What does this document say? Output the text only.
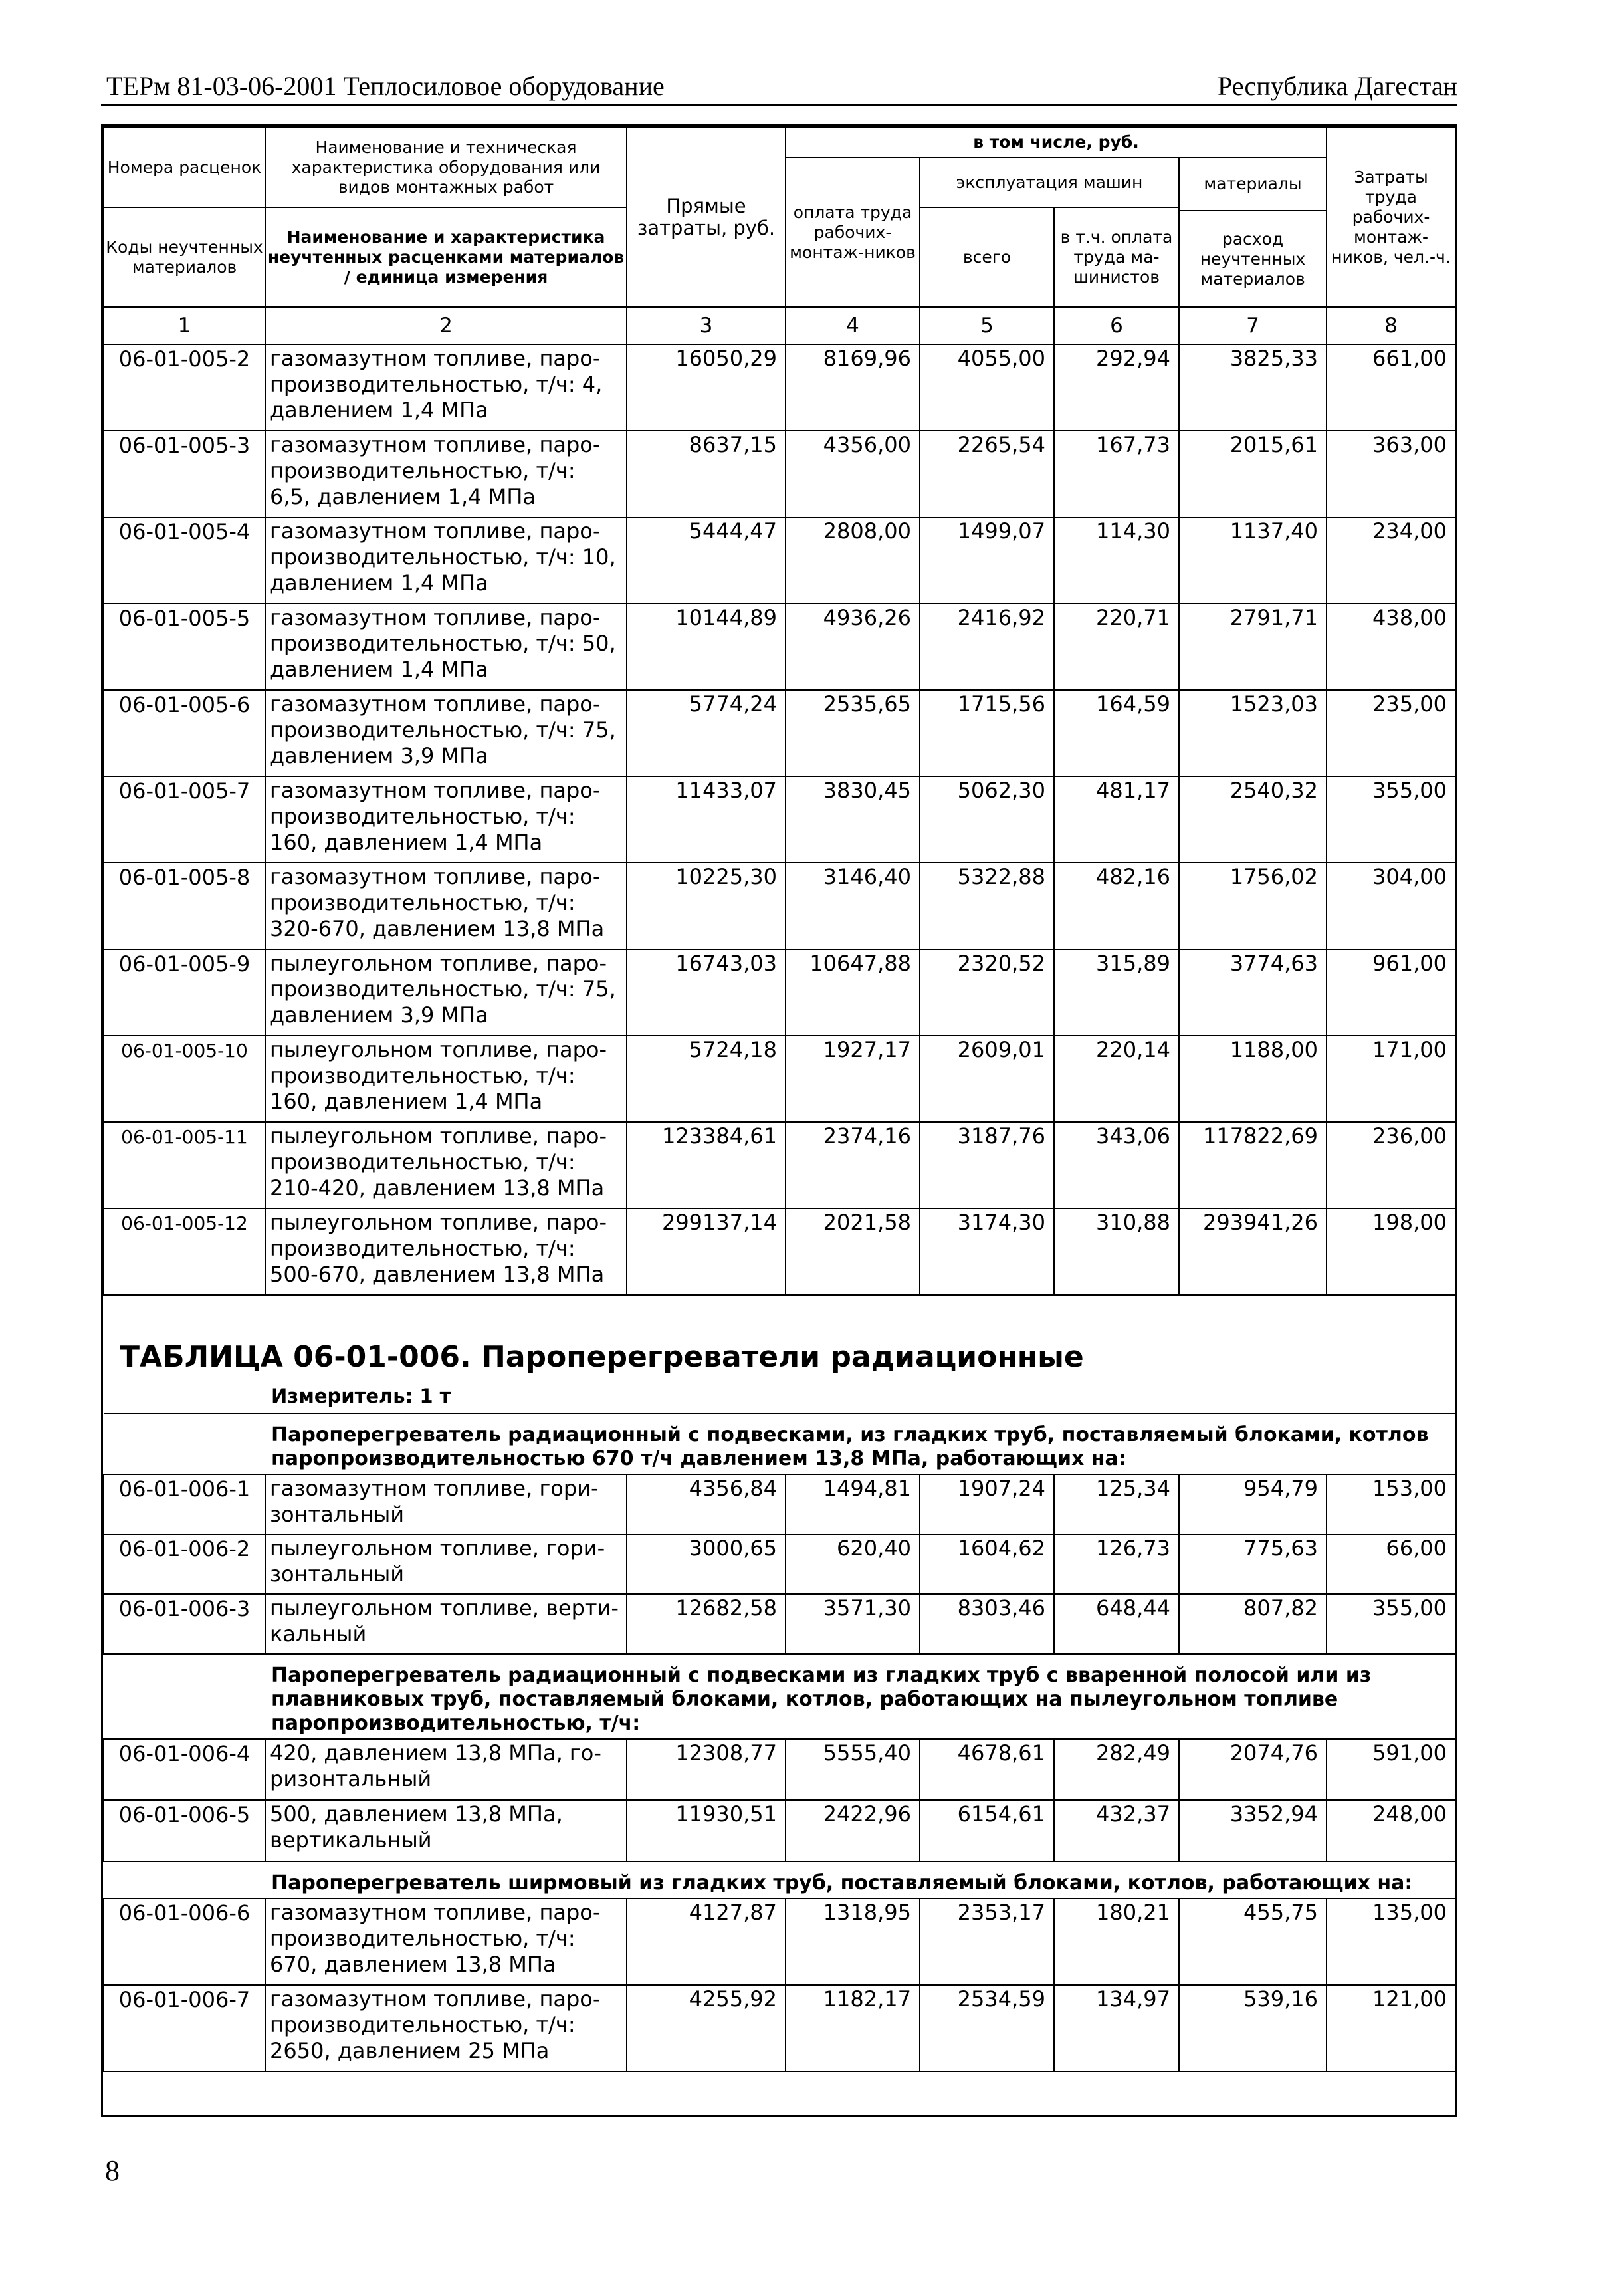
ТЕРм 81-03-06-2001 Теплосиловое оборудование	Республика Дагестан
Номера расценок	Наименование и техническая характеристика оборудования или видов монтажных работ	Прямые затраты, руб.	в том числе, руб.				Затраты труда рабочих-монтаж-ников, чел.-ч.
			оплата труда рабочих-монтаж-ников	эксплуатация машин		материалы	
Коды неучтенных материалов	Наименование и характеристика неучтенных расценками материалов / единица измерения			всего	в т.ч. оплата труда ма-шинистов		
						расход неучтенных материалов	
1	2	3	4	5	6	7	8
06-01-005-2	газомазутном топливе, паро-производительностью, т/ч: 4, давлением 1,4 МПа	16050,29	8169,96	4055,00	292,94	3825,33	661,00
06-01-005-3	газомазутном топливе, паро-производительностью, т/ч: 6,5, давлением 1,4 МПа	8637,15	4356,00	2265,54	167,73	2015,61	363,00
06-01-005-4	газомазутном топливе, паро-производительностью, т/ч: 10, давлением 1,4 МПа	5444,47	2808,00	1499,07	114,30	1137,40	234,00
06-01-005-5	газомазутном топливе, паро-производительностью, т/ч: 50, давлением 1,4 МПа	10144,89	4936,26	2416,92	220,71	2791,71	438,00
06-01-005-6	газомазутном топливе, паро-производительностью, т/ч: 75, давлением 3,9 МПа	5774,24	2535,65	1715,56	164,59	1523,03	235,00
06-01-005-7	газомазутном топливе, паро-производительностью, т/ч: 160, давлением 1,4 МПа	11433,07	3830,45	5062,30	481,17	2540,32	355,00
06-01-005-8	газомазутном топливе, паро-производительностью, т/ч: 320-670, давлением 13,8 МПа	10225,30	3146,40	5322,88	482,16	1756,02	304,00
06-01-005-9	пылеугольном топливе, паро-производительностью, т/ч: 75, давлением 3,9 МПа	16743,03	10647,88	2320,52	315,89	3774,63	961,00
06-01-005-10	пылеугольном топливе, паро-производительностью, т/ч: 160, давлением 1,4 МПа	5724,18	1927,17	2609,01	220,14	1188,00	171,00
06-01-005-11	пылеугольном топливе, паро-производительностью, т/ч: 210-420, давлением 13,8 МПа	123384,61	2374,16	3187,76	343,06	117822,69	236,00
06-01-005-12	пылеугольном топливе, паро-производительностью, т/ч: 500-670, давлением 13,8 МПа	299137,14	2021,58	3174,30	310,88	293941,26	198,00

ТАБЛИЦА 06-01-006. Пароперегреватели радиационные							
Измеритель: 1 т							
Пароперегреватель радиационный с подвесками, из гладких труб, поставляемый блоками, котлов паропроизводительностью 670 т/ч давлением 13,8 МПа, работающих на:							
06-01-006-1	газомазутном топливе, гори-зонтальный	4356,84	1494,81	1907,24	125,34	954,79	153,00
06-01-006-2	пылеугольном топливе, гори-зонтальный	3000,65	620,40	1604,62	126,73	775,63	66,00
06-01-006-3	пылеугольном топливе, верти-кальный	12682,58	3571,30	8303,46	648,44	807,82	355,00
Пароперегреватель радиационный с подвесками из гладких труб с вваренной полосой или из плавниковых труб, поставляемый блоками, котлов, работающих на пылеугольном топливе паропроизводительностью, т/ч:							
06-01-006-4	420, давлением 13,8 МПа, го-ризонтальный	12308,77	5555,40	4678,61	282,49	2074,76	591,00
06-01-006-5	500, давлением 13,8 МПа, вертикальный	11930,51	2422,96	6154,61	432,37	3352,94	248,00
Пароперегреватель ширмовый из гладких труб, поставляемый блоками, котлов, работающих на:							
06-01-006-6	газомазутном топливе, паро-производительностью, т/ч: 670, давлением 13,8 МПа	4127,87	1318,95	2353,17	180,21	455,75	135,00
06-01-006-7	газомазутном топливе, паро-производительностью, т/ч: 2650, давлением 25 МПа	4255,92	1182,17	2534,59	134,97	539,16	121,00
8
